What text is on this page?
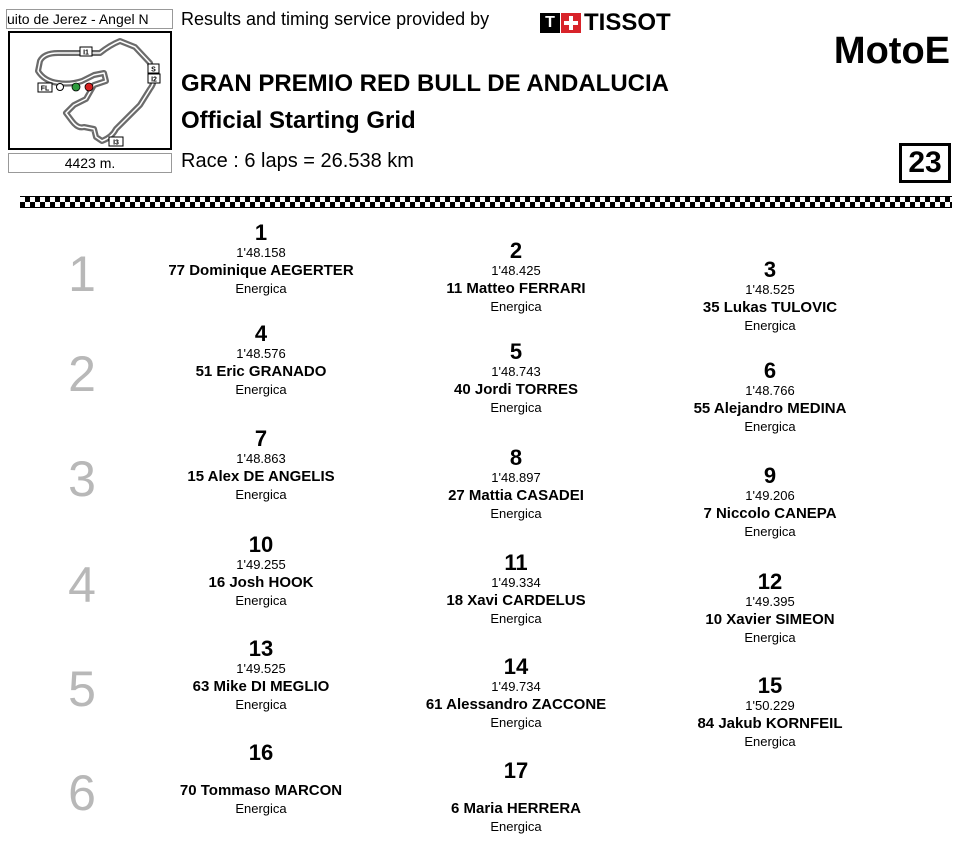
uito de Jerez - Angel N
I1
S
I2
FL
I3
4423 m.
Results and timing service provided by	T TISSOT
MotoE
GRAN PREMIO RED BULL DE ANDALUCIA
Official Starting Grid
Race : 6 laps = 26.538 km	23
1
2
3
4
5
6
1
1'48.158
77 Dominique AEGERTER
Energica
2
1'48.425
11 Matteo FERRARI
Energica
3
1'48.525
35 Lukas TULOVIC
Energica
4
1'48.576
51 Eric GRANADO
Energica
5
1'48.743
40 Jordi TORRES
Energica
6
1'48.766
55 Alejandro MEDINA
Energica
7
1'48.863
15 Alex DE ANGELIS
Energica
8
1'48.897
27 Mattia CASADEI
Energica
9
1'49.206
7 Niccolo CANEPA
Energica
10
1'49.255
16 Josh HOOK
Energica
11
1'49.334
18 Xavi CARDELUS
Energica
12
1'49.395
10 Xavier SIMEON
Energica
13
1'49.525
63 Mike DI MEGLIO
Energica
14
1'49.734
61 Alessandro ZACCONE
Energica
15
1'50.229
84 Jakub KORNFEIL
Energica
16
70 Tommaso MARCON
Energica
17
6 Maria HERRERA
Energica
